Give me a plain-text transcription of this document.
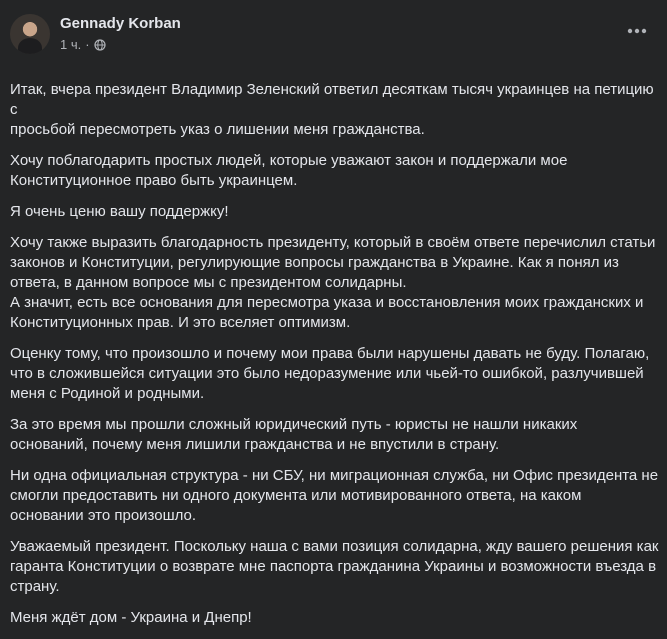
Gennady Korban
1 ч. ·

Итак, вчера президент Владимир Зеленский ответил десяткам тысяч украинцев на петицию с
просьбой пересмотреть указ о лишении меня гражданства.

Хочу поблагодарить простых людей, которые уважают закон и поддержали мое
Конституционное право быть украинцем.

Я очень ценю вашу поддержку!

Хочу также выразить благодарность президенту, который в своём ответе перечислил статьи
законов и Конституции, регулирующие вопросы гражданства в Украине. Как я понял из
ответа, в данном вопросе мы с президентом солидарны.
А значит, есть все основания для пересмотра указа и восстановления моих гражданских и
Конституционных прав. И это вселяет оптимизм.

Оценку тому, что произошло и почему мои права были нарушены давать не буду. Полагаю,
что в сложившейся ситуации это было недоразумение или чьей-то ошибкой, разлучившей
меня с Родиной и родными.

За это время мы прошли сложный юридический путь - юристы не нашли никаких
оснований, почему меня лишили гражданства и не впустили в страну.

Ни одна официальная структура - ни СБУ, ни миграционная служба, ни Офис президента не
смогли предоставить ни одного документа или мотивированного ответа, на каком
основании это произошло.

Уважаемый президент. Поскольку наша с вами позиция солидарна, жду вашего решения как
гаранта Конституции о возврате мне паспорта гражданина Украины и возможности въезда в
страну.

Меня ждёт дом - Украина и Днепр!
